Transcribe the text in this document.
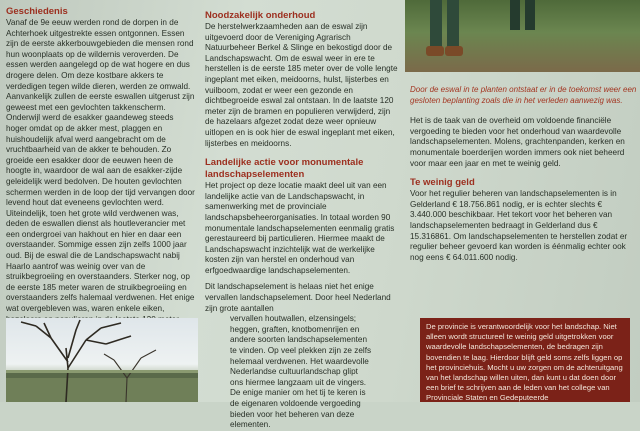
Geschiedenis

Vanaf de 9e eeuw werden rond de dorpen in de Achterhoek uitgestrekte essen ontgonnen. Essen zijn de eerste akkerbouwgebieden die mensen rond hun woonplaats op de wildernis veroverden. De essen werden aangelegd op de wat hogere en dus drogere delen. Om deze kostbare akkers te verdedigen tegen wilde dieren, werden ze omwald. Aanvankelijk zullen de eerste eswallen uitgerust zijn geweest met een gevlochten takkenscherm. Onderwijl werd de esakker gaandeweg steeds hoger omdat op de akker mest, plaggen en huishoudelijk afval werd aangebracht om de vruchtbaarheid van de akker te behouden. Zo groeide een esakker door de eeuwen heen de hoogte in, waardoor de wal aan de esakker-zijde geleidelijk werd bedolven. De houten gevlochten schermen werden in de loop der tijd vervangen door levend hout dat eveneens gevlochten werd. Uiteindelijk, toen het grote wild verdwenen was, deden de eswallen dienst als houtleverancier met een ondergroei van hakhout en hier en daar een overstaander. Sommige essen zijn zelfs 1000 jaar oud. Bij de eswal die de Landschapswacht nabij Haarlo aantrof was weinig over van de struikbegroeiing en overstaanders. Sterker nog, op de eerste 185 meter waren de struikbegroeiing en overstaanders zelfs halemaal verdwenen. Het enige wat overgebleven was, waren enkele eiken,

Noodzakelijk onderhoud

De herstelwerkzaamheden aan de eswal zijn uitgevoerd door de Vereniging Agrarisch Natuurbeheer Berkel & Slinge en bekostigd door de Landschapswacht. Om de eswal weer in ere te herstellen is de eerste 185 meter over de volle lengte ingeplant met eiken, meidoorns, hulst, lijsterbes en vuilboom, zodat er weer een gezonde en dichtbegroeide eswal zal ontstaan. In de laatste 120 meter zijn de bramen en populieren verwijderd, zijn de hazelaars afgezet zodat deze weer opnieuw uitlopen en is ook hier de eswal ingeplant met eiken, lijsterbes en meidoorns.

Landelijke actie voor monumentale landschapselementen

Het project op deze locatie maakt deel uit van een landelijke actie van de Landschapswacht, in samenwerking met de provinciale landschapsbeheerorganisaties. In totaal worden 90 monumentale landschapselementen eenmalig gratis gerestaureerd bij particulieren. Hiermee maakt de Landschapswacht inzichtelijk wat de werkelijke kosten zijn van herstel en onderhoud van erfgoedwaardige landschapselementen.

Dit landschapselement is helaas niet het enige vervallen landschapselement. Door heel Nederland zijn grote aantallen

vervallen houtwallen, elzensingels; heggen, graften, knotbomenrijen en andere soorten landschapselementen te vinden. Op veel plekken zijn ze zelfs helemaal verdwenen. Het waardevolle Nederlandse cultuurlandschap glipt ons hiermee langzaam uit de vingers. De enige manier om het tij te keren is de eigenaren voldoende vergoeding bieden voor het beheren van deze elementen.

Door de eswal in te planten ontstaat er in de toekomst weer een gesloten beplanting zoals die in het verleden aanwezig was.

Het is de taak van de overheid om voldoende financiële vergoeding te bieden voor het onderhoud van waardevolle landschapselementen. Molens, grachtenpanden, kerken en monumentale boerderijen worden immers ook niet beheerd voor maar een jaar en met te weinig geld.

Te weinig geld

Voor het regulier beheren van landschapselementen is in Gelderland € 18.756.861 nodig, er is echter slechts € 3.440.000 beschikbaar. Het tekort voor het beheren van landschapselementen bedraagt in Gelderland dus € 15.316861. Om landschapselementen te herstellen zodat er regulier beheer gevoerd kan worden is éénmalig echter ook nog eens € 64.011.600 nodig.

De provincie is verantwoordelijk voor het landschap. Niet alleen wordt structureel te weinig geld uitgetrokken voor waardevolle landschapselementen, de bedragen zijn bovendien te laag. Hierdoor blijft geld soms zelfs liggen op het provinciehuis. Mocht u uw zorgen om de achteruitgang van het landschap willen uiten, dan kunt u dat doen door een brief te schrijven aan de leden van het college van Provinciale Staten en Gedeputeerde
